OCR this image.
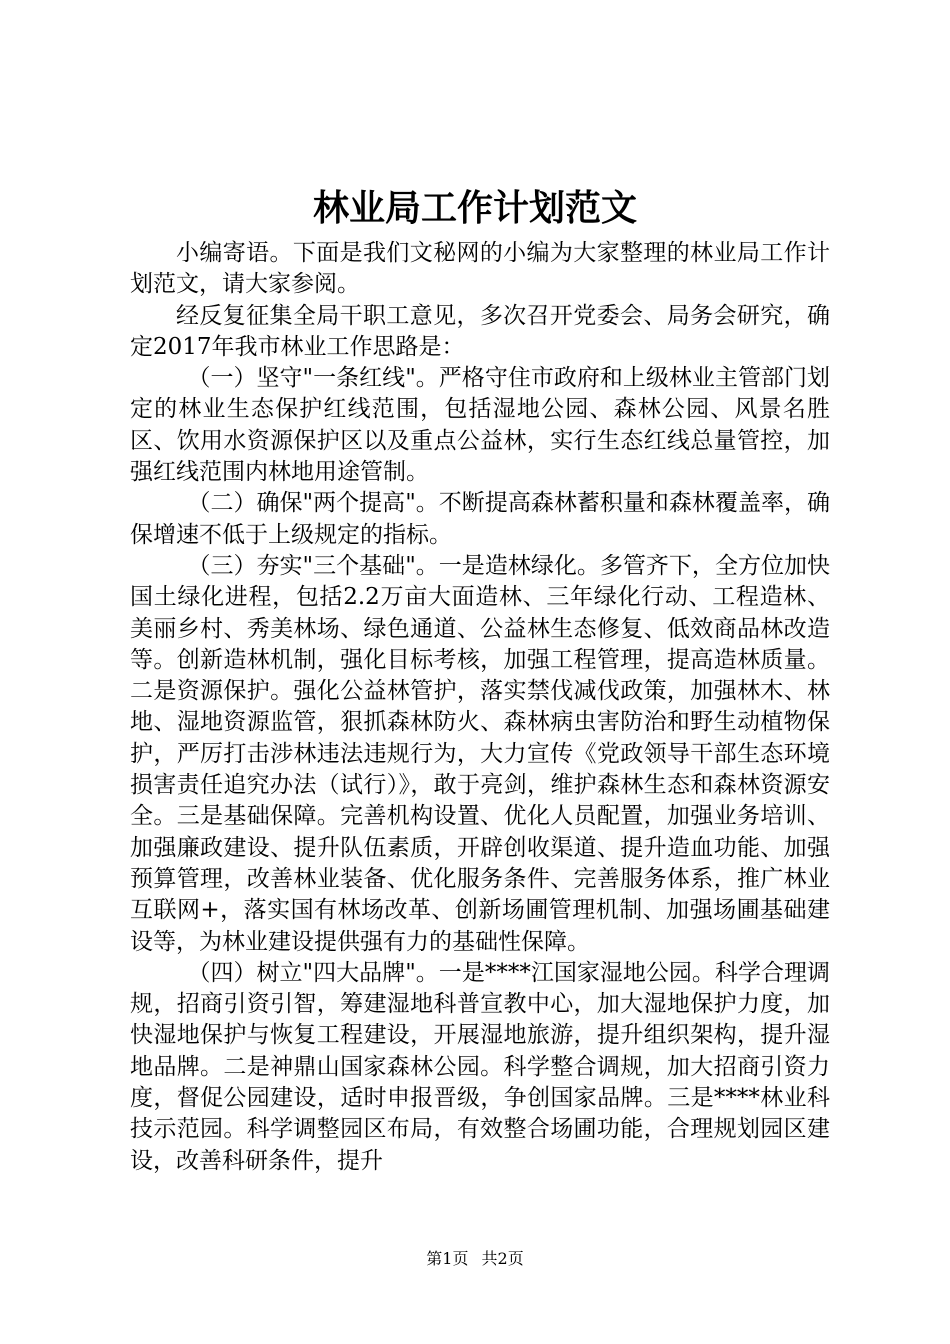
林业局工作计划范文

小编寄语。下面是我们文秘网的小编为大家整理的林业局工作计划范文，请大家参阅。

经反复征集全局干职工意见，多次召开党委会、局务会研究，确定2017年我市林业工作思路是：

（一）坚守"一条红线"。严格守住市政府和上级林业主管部门划定的林业生态保护红线范围，包括湿地公园、森林公园、风景名胜区、饮用水资源保护区以及重点公益林，实行生态红线总量管控，加强红线范围内林地用途管制。

（二）确保"两个提高"。不断提高森林蓄积量和森林覆盖率，确保增速不低于上级规定的指标。

（三）夯实"三个基础"。一是造林绿化。多管齐下，全方位加快国土绿化进程，包括2.2万亩大面造林、三年绿化行动、工程造林、美丽乡村、秀美林场、绿色通道、公益林生态修复、低效商品林改造等。创新造林机制，强化目标考核，加强工程管理，提高造林质量。二是资源保护。强化公益林管护，落实禁伐减伐政策，加强林木、林地、湿地资源监管，狠抓森林防火、森林病虫害防治和野生动植物保护，严厉打击涉林违法违规行为，大力宣传《党政领导干部生态环境损害责任追究办法（试行）》，敢于亮剑，维护森林生态和森林资源安全。三是基础保障。完善机构设置、优化人员配置，加强业务培训、加强廉政建设、提升队伍素质，开辟创收渠道、提升造血功能、加强预算管理，改善林业装备、优化服务条件、完善服务体系，推广林业互联网+，落实国有林场改革、创新场圃管理机制、加强场圃基础建设等，为林业建设提供强有力的基础性保障。

（四）树立"四大品牌"。一是****江国家湿地公园。科学合理调规，招商引资引智，筹建湿地科普宣教中心，加大湿地保护力度，加快湿地保护与恢复工程建设，开展湿地旅游，提升组织架构，提升湿地品牌。二是神鼎山国家森林公园。科学整合调规，加大招商引资力度，督促公园建设，适时申报晋级，争创国家品牌。三是****林业科技示范园。科学调整园区布局，有效整合场圃功能，合理规划园区建设，改善科研条件，提升

第1页 共2页
